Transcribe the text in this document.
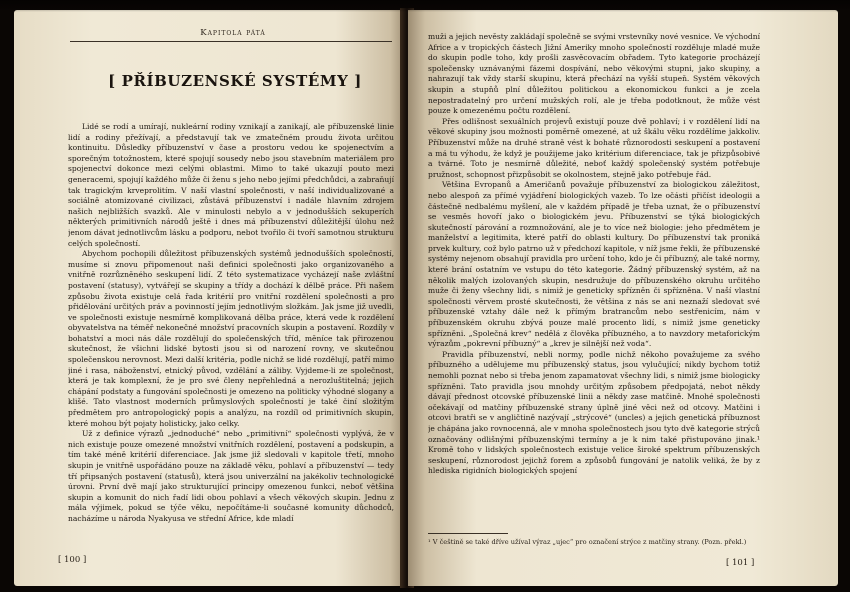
Kapitola pátá
[ PŘÍBUZENSKÉ SYSTÉMY ]

Lidé se rodí a umírají, nukleární rodiny vznikají a zanikají, ale příbuzenské linie lidí a rodiny přežívají, a představují tak ve zmatečném proudu života určitou kontinuitu. Důsledky příbuzenství v čase a prostoru vedou ke spojenectvím a sporečným totožnostem, které spojují sousedy nebo jsou stavebním materiálem pro spojenectví dokonce mezi celými oblastmi. Mimo to také ukazují pouto mezi generacemi, spojují každého může či ženu s jeho nebo jejími předchůdci, a zabraňují tak tragickým krveprolitím. V naší vlastní společnosti, v naší individualizované a sociálně atomizované civilizaci, zůstává příbuzenství i nadále hlavním zdrojem našich nejbližších svazků. Ale v minulosti nebylo a v jednodušších sekuperích některých primitivních národů ještě i dnes má příbuzenství důležitější úlohu než jenom dávat jednotlivcům lásku a podporu, nebot tvořilo či tvoří samotnou strukturu celých společností.

Abychom pochopili důležitost příbuzenských systémů jednodušších společností, musíme si znovu připomenout naši definici společnosti jako organizovaného a vnitřně rozrůzněného seskupení lidí. Z této systematizace vycházejí naše zvláštní postavení (statusy), vytvářejí se skupiny a třídy a dochází k dělbě práce. Při našem způsobu života existuje celá řada kritérií pro vnitřní rozdělení společnosti a pro přidělování určitých práv a povinností jejím jednotlivým složkám. Jak jsme již uvedli, ve společnosti existuje nesmírně komplikovaná dělba práce, která vede k rozdělení obyvatelstva na téměř nekonečné množství pracovních skupin a postavení. Rozdíly v bohatství a moci nás dále rozdělují do společenských tříd, měníce tak přirozenou skutečnost, že všichni lidské bytosti jsou si od narození rovny, ve skutečnou společenskou nerovnost. Mezi další kritéria, podle nichž se lidé rozdělují, patří mimo jiné i rasa, náboženství, etnický původ, vzdělání a záliby. Vyjdeme-li ze společnost, která je tak komplexní, že je pro své členy nepřehledná a nerozluštitelná; jejich chápání podstaty a fungování společnosti je omezeno na politicky výhodné slogany a klišé. Tato vlastnost moderních průmyslových společností je také činí složitým předmětem pro antropologický popis a analýzu, na rozdíl od primitivních skupin, které mohou být pojaty holisticky, jako celky.

Už z definice výrazů „jednoduché“ nebo „primitivní“ společnosti vyplývá, že v nich existuje pouze omezené množství vnitřních rozdělení, postavení a podskupin, a tím také méně kritérií diferenciace. Jak jsme již sledovali v kapitole třetí, mnoho skupin je vnitřně uspořádáno pouze na základě věku, pohlaví a příbuzenství — tedy tří připsaných postavení (statusů), která jsou univerzální na jakékoliv technologické úrovni. První dvě mají jako strukturující principy omezenou funkci, neboť většina skupin a komunit do nich řadí lidi obou pohlaví a všech věkových skupin. Jednu z mála výjimek, pokud se týče věku, nepočítáme-li současné komunity důchodců, nacházíme u národa Nyakyusa ve střední Africe, kde mladí

[ 100 ]

muži a jejich nevěsty zakládají společně se svými vrstevníky nové vesnice. Ve východní Africe a v tropických částech Jižní Ameriky mnoho společností rozděluje mladé muže do skupin podle toho, kdy prošli zasvěcovacím obřadem. Tyto kategorie procházejí společensky uznávanými fázemi dospívání, nebo věkovými stupni, jako skupiny, a nahrazují tak vždy starší skupinu, která přechází na vyšší stupeň. Systém věkových skupin a stupňů plní důležitou politickou a ekonomickou funkci a je zcela nepostradatelný pro určení mužských rolí, ale je třeba podotknout, že může vést pouze k omezenému počtu rozdělení.

Přes odlišnost sexuálních projevů existují pouze dvě pohlaví; i v rozdělení lidí na věkové skupiny jsou možnosti poměrně omezené, at už škálu věku rozdělíme jakkoliv. Příbuzenství může na druhé straně vést k bohaté různorodosti seskupení a postavení a má tu výhodu, že když je použijeme jako kritérium diferenciace, tak je přizpůsobivé a tvárné. Toto je nesmírně důležité, neboť každý společenský systém potřebuje pružnost, schopnost přizpůsobit se okolnostem, stejně jako potřebuje řád.

Většina Evropanů a Američanů považuje příbuzenství za biologickou záležitost, nebo alespoň za přímé vyjádření biologických vazeb. To lze očásti přičíst ideologii a částečně nedbalému myšlení, ale v každém případě je třeba uznat, že o příbuzenství se vesměs hovoří jako o biologickém jevu. Příbuzenství se týká biologických skutečností párování a rozmnožování, ale je to více než biologie: jeho předmětem je manželství a legitimita, které patří do oblasti kultury. Do příbuzenství tak proniká prvek kultury, což bylo patrno už v předchozí kapitole, v níž jsme řekli, že příbuzenské systémy nejenom obsahují pravidla pro určení toho, kdo je či příbuzný, ale také normy, které brání ostatním ve vstupu do této kategorie. Žádný příbuzenský systém, až na několik malých izolovaných skupin, nesdružuje do příbuzenského okruhu určitého muže či ženy všechny lidi, s nimiž je geneticky spřízněn či spřízněna. V naší vlastní společnosti věrvem prosté skutečnosti, že většina z nás se ani neznaží sledovat své příbuzenské vztahy dále než k přímým bratrancům nebo sestřenicím, nám v příbuzenském okruhu zbývá pouze malé procento lidí, s nimiž jsme geneticky spřízněni. „Společná krev“ nedělá z člověka příbuzného, a to navzdory metaforickým výrazům „pokrevní příbuzný“ a „krev je silnější než voda“.

Pravidla příbuzenství, nebli normy, podle nichž někoho považujeme za svého příbuzného a udělujeme mu příbuzenský status, jsou vylučující; nikdy bychom totiž nemohli poznat nebo si třeba jenom zapamatovat všechny lidi, s nimiž jsme biologicky spřízněni. Tato pravidla jsou mnohdy určitým způsobem předpojatá, nebot někdy dávají přednost otcovské příbuzenské linii a někdy zase matčině. Mnohé společnosti očekávají od matčiny příbuzenské strany úplně jiné věci než od otcovy. Matčini i otcovi bratři se v angličtině nazývají „strýcové“ (uncles) a jejich genetická příbuznost je chápána jako rovnocenná, ale v mnoha společnostech jsou tyto dvě kategorie strýců označovány odlišnými příbuzenskými termíny a je k nim také přistupováno jinak.¹ Kromě toho v lidských společnostech existuje velice široké spektrum příbuzenských seskupení, různorodost jejichž forem a způsobů fungování je natolik veliká, že by z hlediska rigidních biologických spojení

¹ V češtině se také dříve užíval výraz „ujec“ pro označení strýce z matčiny strany. (Pozn. překl.)
[ 101 ]
